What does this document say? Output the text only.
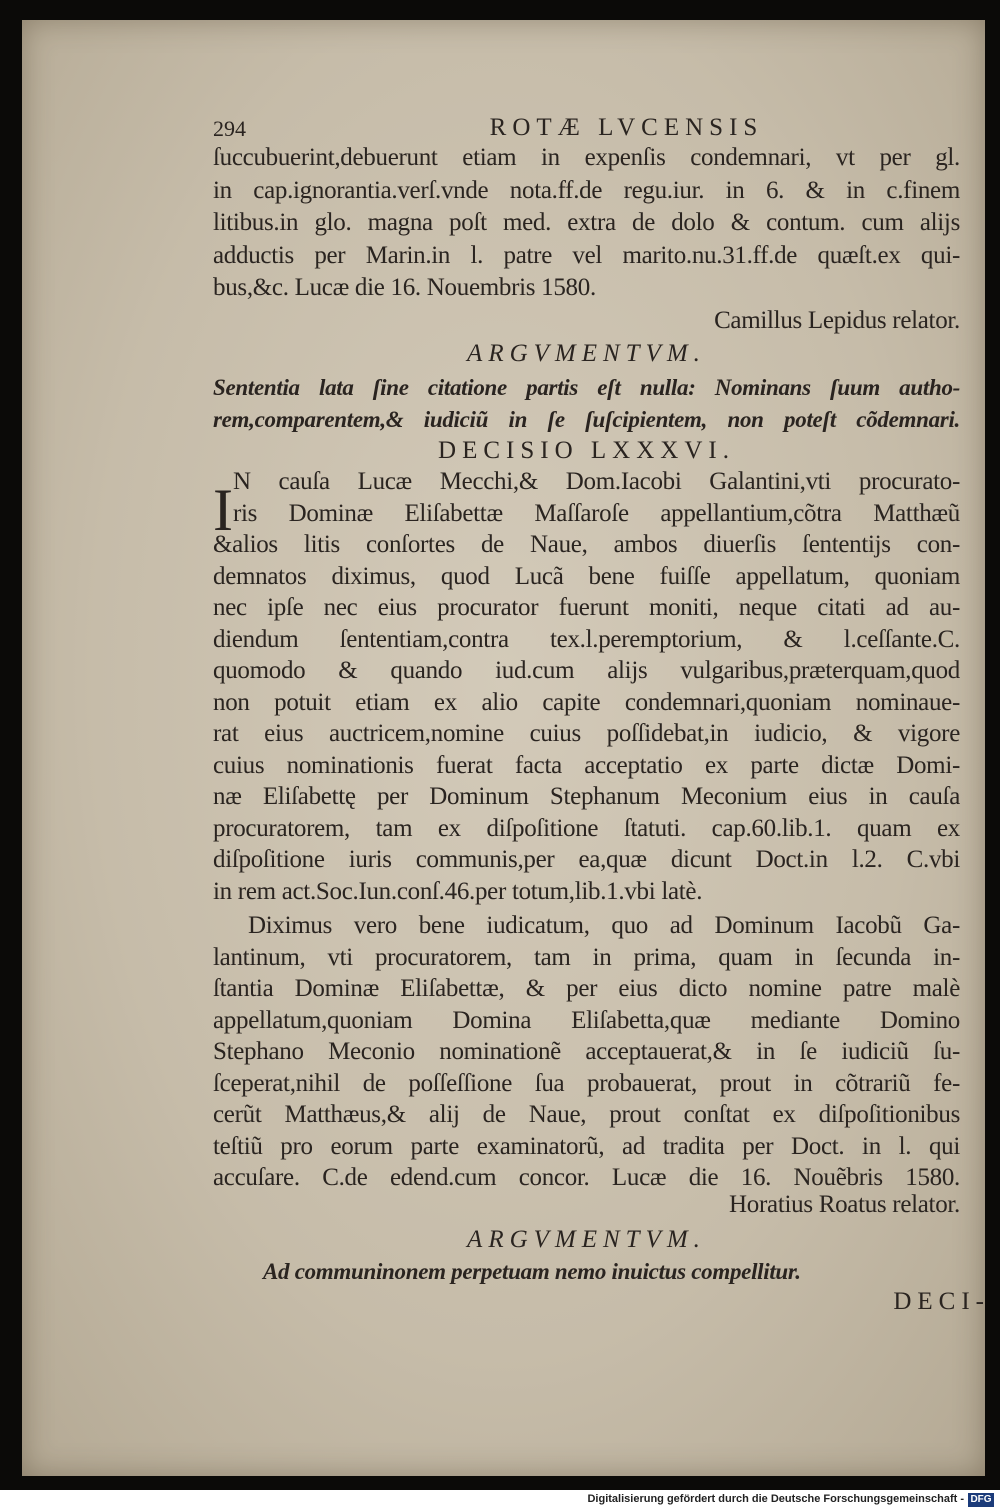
294	ROTÆ LVCENSIS
ſuccubuerint,debuerunt etiam in expenſis condemnari, vt per gl.
in cap.ignorantia.verſ.vnde nota.ff.de regu.iur. in 6. & in c.finem
litibus.in glo. magna poſt med. extra de dolo & contum. cum alijs
adductis per Marin.in l. patre vel marito.nu.31.ff.de quæſt.ex qui-
bus,&c. Lucæ die 16. Nouembris 1580.
Camillus Lepidus relator.
ARGVMENTVM.
Sententia lata ſine citatione partis eſt nulla: Nominans ſuum autho-
rem,comparentem,& iudiciũ in ſe ſuſcipientem, non poteſt cõdemnari.
DECISIO LXXXVI.
I N cauſa Lucæ Mecchi,& Dom.Iacobi Galantini,vti procurato-
ris Dominæ Eliſabettæ Maſſaroſe appellantium,cõtra Matthæũ
&alios litis conſortes de Naue, ambos diuerſis ſententijs con-
demnatos diximus, quod Lucã bene fuiſſe appellatum, quoniam
nec ipſe nec eius procurator fuerunt moniti, neque citati ad au-
diendum ſententiam,contra tex.l.peremptorium, & l.ceſſante.C.
quomodo & quando iud.cum alijs vulgaribus,præterquam,quod
non potuit etiam ex alio capite condemnari,quoniam nominaue-
rat eius auctricem,nomine cuius poſſidebat,in iudicio, & vigore
cuius nominationis fuerat facta acceptatio ex parte dictæ Domi-
næ Eliſabettę per Dominum Stephanum Meconium eius in cauſa
procuratorem, tam ex diſpoſitione ſtatuti. cap.60.lib.1. quam ex
diſpoſitione iuris communis,per ea,quæ dicunt Doct.in l.2. C.vbi
in rem act.Soc.Iun.conſ.46.per totum,lib.1.vbi latè.
Diximus vero bene iudicatum, quo ad Dominum Iacobũ Ga-
lantinum, vti procuratorem, tam in prima, quam in ſecunda in-
ſtantia Dominæ Eliſabettæ, & per eius dicto nomine patre malè
appellatum,quoniam Domina Eliſabetta,quæ mediante Domino
Stephano Meconio nominationẽ acceptauerat,& in ſe iudiciũ ſu-
ſceperat,nihil de poſſeſſione ſua probauerat, prout in cõtrariũ fe-
cerũt Matthæus,& alij de Naue, prout conſtat ex diſpoſitionibus
teſtiũ pro eorum parte examinatorũ, ad tradita per Doct. in l. qui
accuſare. C.de edend.cum concor. Lucæ die 16. Nouẽbris 1580.
Horatius Roatus relator.
ARGVMENTVM.
Ad communinonem perpetuam nemo inuictus compellitur.
DECI-
Digitalisierung gefördert durch die Deutsche Forschungsgemeinschaft - DFG
